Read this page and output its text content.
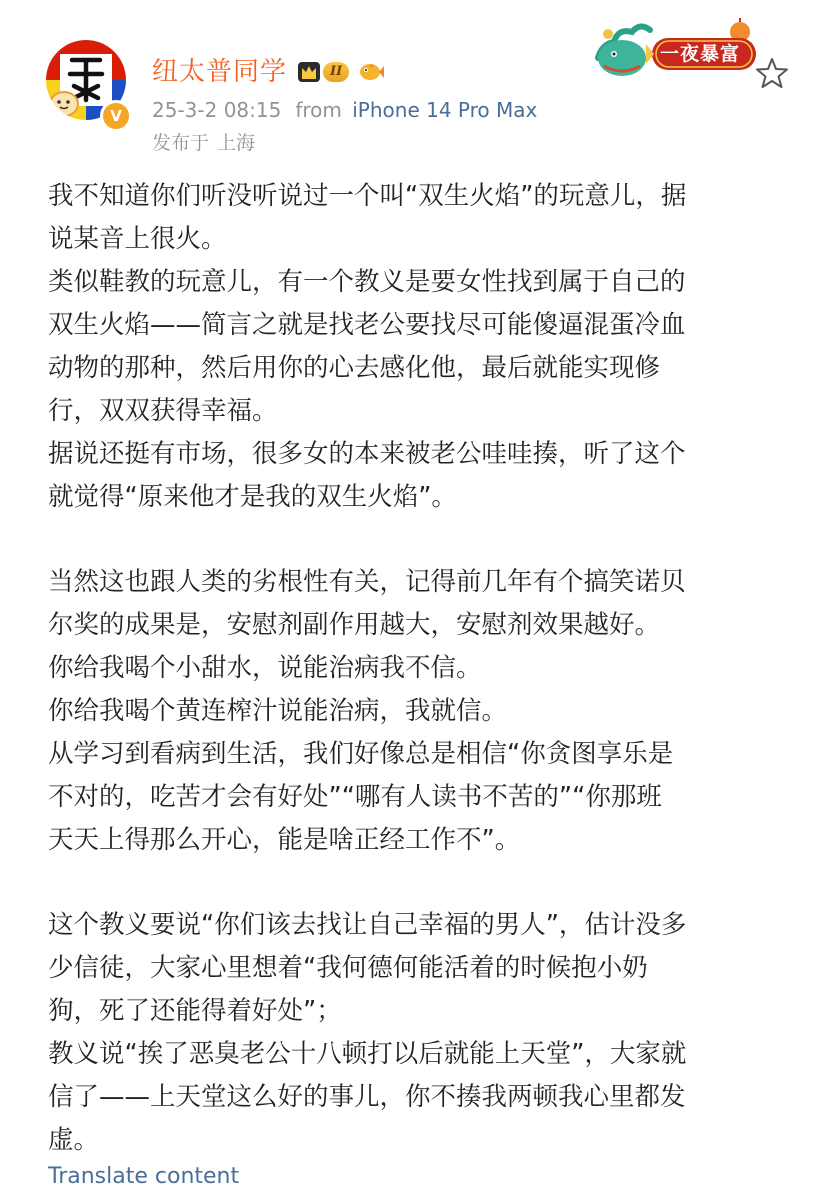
V
纽太普同学	II
25-3-2 08:15 from iPhone 14 Pro Max
发布于 上海
一夜暴富
我不知道你们听没听说过一个叫“双生火焰”的玩意儿，据
说某音上很火。
类似鞋教的玩意儿，有一个教义是要女性找到属于自己的
双生火焰——简言之就是找老公要找尽可能傻逼混蛋冷血
动物的那种，然后用你的心去感化他，最后就能实现修
行，双双获得幸福。
据说还挺有市场，很多女的本来被老公哇哇揍，听了这个
就觉得“原来他才是我的双生火焰”。
当然这也跟人类的劣根性有关，记得前几年有个搞笑诺贝
尔奖的成果是，安慰剂副作用越大，安慰剂效果越好。
你给我喝个小甜水，说能治病我不信。
你给我喝个黄连榨汁说能治病，我就信。
从学习到看病到生活，我们好像总是相信“你贪图享乐是
不对的，吃苦才会有好处”“哪有人读书不苦的”“你那班
天天上得那么开心，能是啥正经工作不”。
这个教义要说“你们该去找让自己幸福的男人”，估计没多
少信徒，大家心里想着“我何德何能活着的时候抱小奶
狗，死了还能得着好处”；
教义说“挨了恶臭老公十八顿打以后就能上天堂”，大家就
信了——上天堂这么好的事儿，你不揍我两顿我心里都发
虚。
Translate content
